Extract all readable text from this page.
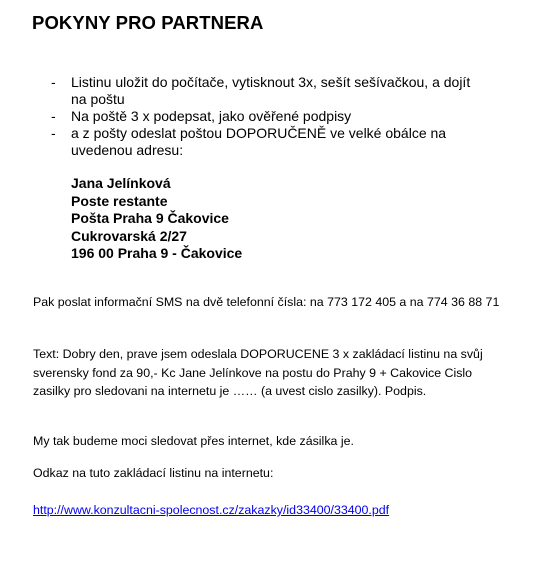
POKYNY PRO PARTNERA
- Listinu uložit do počítače, vytisknout 3x, sešít sešívačkou, a dojít
na poštu
- Na poště 3 x podepsat, jako ověřené podpisy
- a z pošty odeslat poštou DOPORUČENĚ ve velké obálce na
uvedenou adresu:
Jana Jelínková
Poste restante
Pošta Praha 9 Čakovice
Cukrovarská 2/27
196 00 Praha 9 - Čakovice
Pak poslat informační SMS na dvě telefonní čísla: na 773 172 405 a na 774 36 88 71
Text: Dobry den, prave jsem odeslala DOPORUCENE 3 x zakládací listinu na svůj
sverensky fond za 90,- Kc Jane Jelínkove na postu do Prahy 9 + Cakovice Cislo
zasilky pro sledovani na internetu je …… (a uvest cislo zasilky). Podpis.
My tak budeme moci sledovat přes internet, kde zásilka je.
Odkaz na tuto zakládací listinu na internetu:
http://www.konzultacni-spolecnost.cz/zakazky/id33400/33400.pdf
